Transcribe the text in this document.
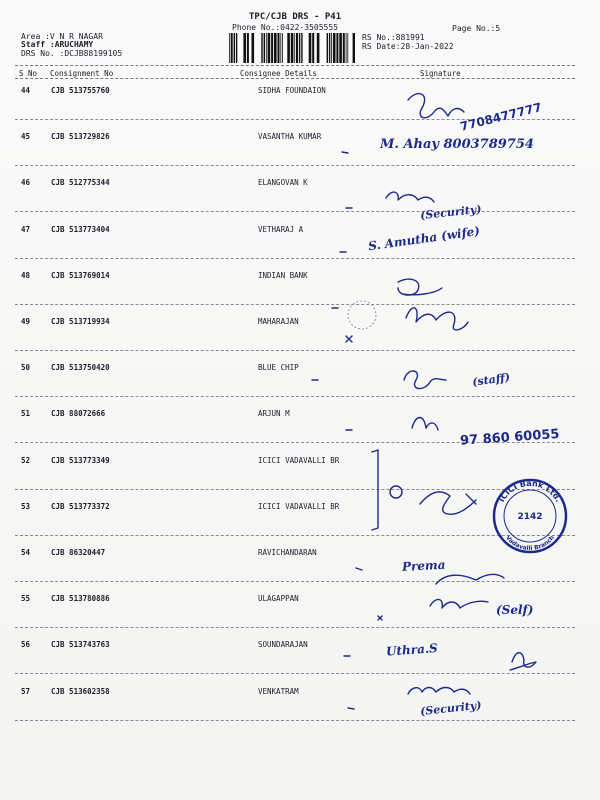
TPC/CJB DRS - P41
Phone No.:0422-3505555	Page No.:5
Area :V N R NAGAR
Staff :ARUCHAMY
DRS No. :DCJB88199105
RS No.:881991
RS Date:28-Jan-2022
S No Consignment No	Consignee Details	Signature
44	CJB 513755760	SIDHA FOUNDAION
45	CJB 513729826	VASANTHA KUMAR
46	CJB 512775344	ELANGOVAN K
47	CJB 513773404	VETHARAJ A
48	CJB 513769014	INDIAN BANK
49	CJB 513719934	MAHARAJAN
50	CJB 513750420	BLUE CHIP
51	CJB 88072666	ARJUN M
52	CJB 513773349	ICICI VADAVALLI BR
53	CJB 513773372	ICICI VADAVALLI BR
54	CJB 86320447	RAVICHANDARAN
55	CJB 513780886	ULAGAPPAN
56	CJB 513743763	SOUNDARAJAN
57	CJB 513602358	VENKATRAM
7708477777
M. Ahay 8003789754
(Security)
S. Amutha (wife)
(staff)
97 860 60055
ICICI Bank Ltd.
Vadavalli Branch
2142
Prema
(Self)
Uthra.S
(Security)
